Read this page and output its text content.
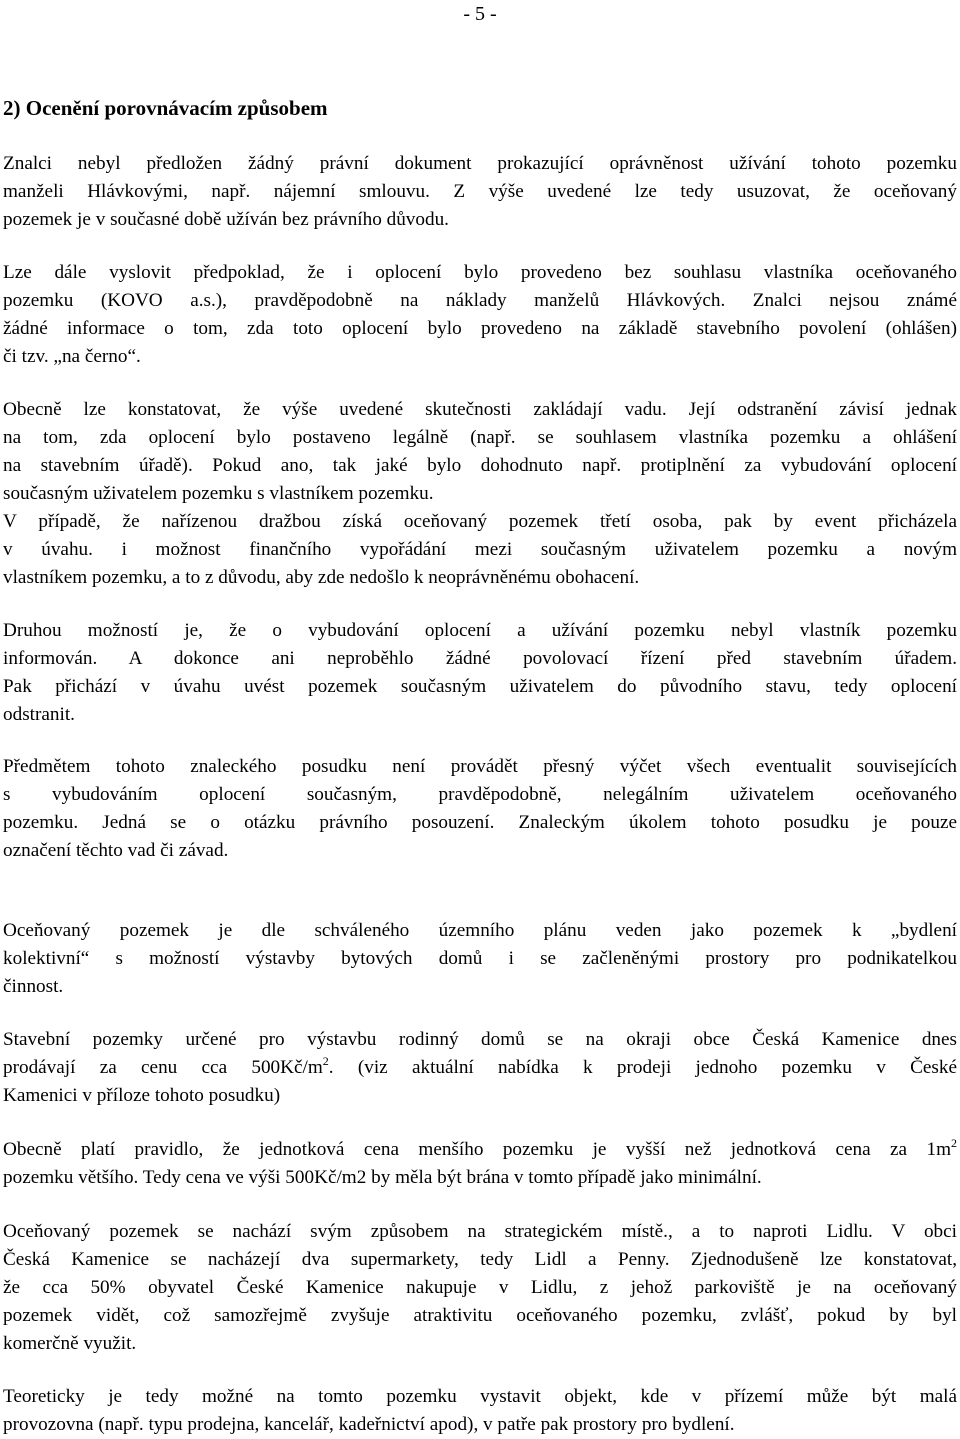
- 5 -
2) Ocenění porovnávacím způsobem
Znalci nebyl předložen žádný právní dokument prokazující oprávněnost užívání tohoto pozemku
manželi Hlávkovými, např. nájemní smlouvu. Z výše uvedené lze tedy usuzovat, že oceňovaný
pozemek je v současné době užíván bez právního důvodu.
Lze dále vyslovit předpoklad, že i oplocení bylo provedeno bez souhlasu vlastníka oceňovaného
pozemku (KOVO a.s.), pravděpodobně na náklady manželů Hlávkových. Znalci nejsou známé
žádné informace o tom, zda toto oplocení bylo provedeno na základě stavebního povolení (ohlášen)
či tzv. „na černo“.
Obecně lze konstatovat, že výše uvedené skutečnosti zakládají vadu. Její odstranění závisí jednak
na tom, zda oplocení bylo postaveno legálně (např. se souhlasem vlastníka pozemku a ohlášení
na stavebním úřadě). Pokud ano, tak jaké bylo dohodnuto např. protiplnění za vybudování oplocení
současným uživatelem pozemku s vlastníkem pozemku.
V případě, že nařízenou dražbou získá oceňovaný pozemek třetí osoba, pak by event přicházela
v úvahu. i možnost finančního vypořádání mezi současným uživatelem pozemku a novým
vlastníkem pozemku, a to z důvodu, aby zde nedošlo k neoprávněnému obohacení.
Druhou možností je, že o vybudování oplocení a užívání pozemku nebyl vlastník pozemku
informován. A dokonce ani neproběhlo žádné povolovací řízení před stavebním úřadem.
Pak přichází v úvahu uvést pozemek současným uživatelem do původního stavu, tedy oplocení
odstranit.
Předmětem tohoto znaleckého posudku není provádět přesný výčet všech eventualit souvisejících
s vybudováním oplocení současným, pravděpodobně, nelegálním uživatelem oceňovaného
pozemku. Jedná se o otázku právního posouzení. Znaleckým úkolem tohoto posudku je pouze
označení těchto vad či závad.
Oceňovaný pozemek je dle schváleného územního plánu veden jako pozemek k „bydlení
kolektivní“ s možností výstavby bytových domů i se začleněnými prostory pro podnikatelkou
činnost.
Stavební pozemky určené pro výstavbu rodinný domů se na okraji obce Česká Kamenice dnes
prodávají za cenu cca $500Kč/m^2$. (viz aktuální nabídka k prodeji jednoho pozemku v České
Kamenici v příloze tohoto posudku)
Obecně platí pravidlo, že jednotková cena menšího pozemku je vyšší než jednotková cena za $1m^2$
pozemku většího. Tedy cena ve výši 500Kč/m2 by měla být brána v tomto případě jako minimální.
Oceňovaný pozemek se nachází svým způsobem na strategickém místě., a to naproti Lidlu. V obci
Česká Kamenice se nacházejí dva supermarkety, tedy Lidl a Penny. Zjednodušeně lze konstatovat,
že cca 50% obyvatel České Kamenice nakupuje v Lidlu, z jehož parkoviště je na oceňovaný
pozemek vidět, což samozřejmě zvyšuje atraktivitu oceňovaného pozemku, zvlášť, pokud by byl
komerčně využit.
Teoreticky je tedy možné na tomto pozemku vystavit objekt, kde v přízemí může být malá
provozovna (např. typu prodejna, kancelář, kadeřnictví apod), v patře pak prostory pro bydlení.
